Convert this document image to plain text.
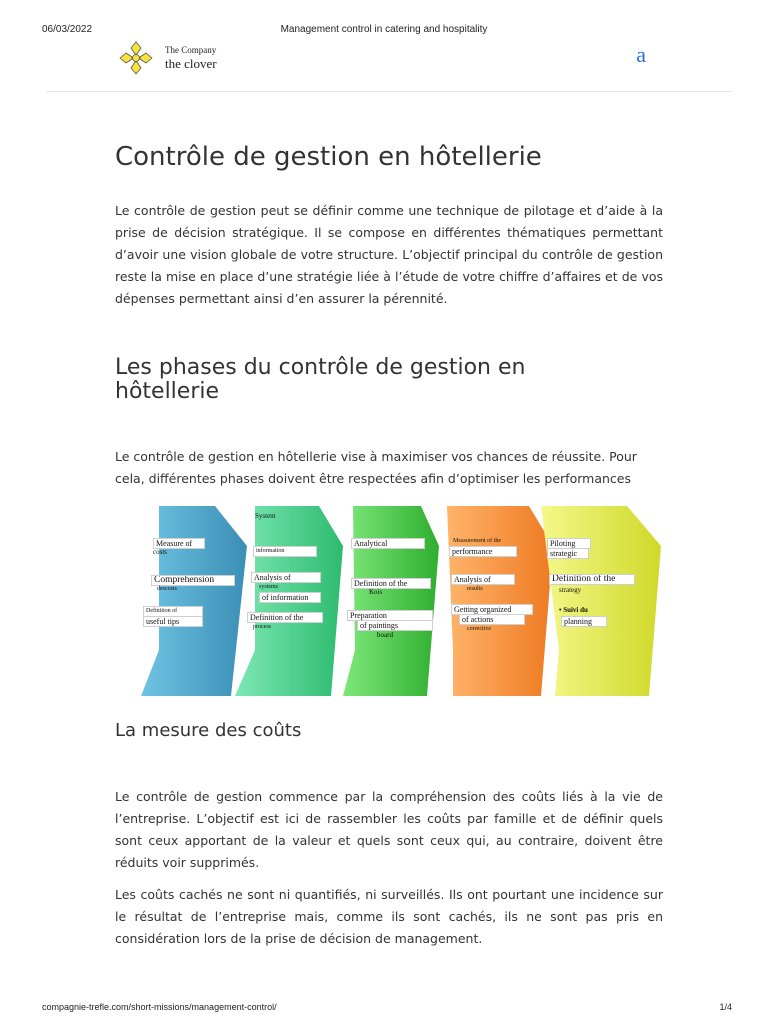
06/03/2022	Management control in catering and hospitality
The Company
the clover	a
Contrôle de gestion en hôtellerie

Le contrôle de gestion peut se définir comme une technique de pilotage et d’aide à la prise de décision stratégique. Il se compose en différentes thématiques permettant d’avoir une vision globale de votre structure. L’objectif principal du contrôle de gestion reste la mise en place d’une stratégie liée à l’étude de votre chiffre d’affaires et de vos dépenses permettant ainsi d’en assurer la pérennité.

Les phases du contrôle de gestion en hôtellerie

Le contrôle de gestion en hôtellerie vise à maximiser vos chances de réussite. Pour cela, différentes phases doivent être respectées afin d’optimiser les performances

Measure of
costs
Comprehension
descosts
Definition of
useful tips
System
information
Analysis of
systems
of information
Definition of the
process
Analytical
Definition of the
Kois
Preparation
of paintings
board
Measurement of the
performance
Analysis of
results
Getting organized
of actions
corrective
Piloting
strategic
Definition of the
strategy
• Suivi du
planning
La mesure des coûts

Le contrôle de gestion commence par la compréhension des coûts liés à la vie de l’entreprise. L’objectif est ici de rassembler les coûts par famille et de définir quels sont ceux apportant de la valeur et quels sont ceux qui, au contraire, doivent être réduits voir supprimés.

Les coûts cachés ne sont ni quantifiés, ni surveillés. Ils ont pourtant une incidence sur le résultat de l’entreprise mais, comme ils sont cachés, ils ne sont pas pris en considération lors de la prise de décision de management.

compagnie-trefle.com/short-missions/management-control/	1/4
